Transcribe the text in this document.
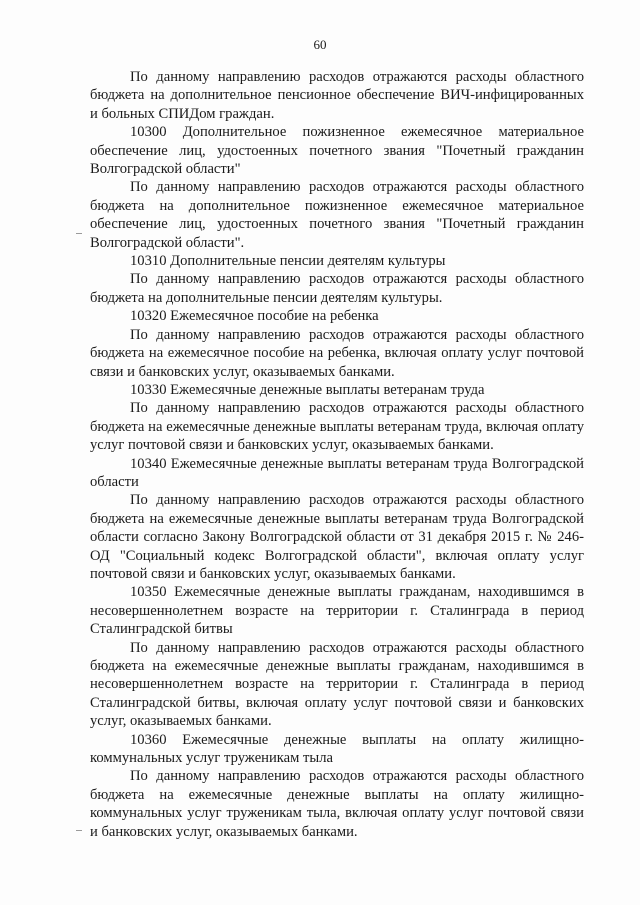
60

По данному направлению расходов отражаются расходы областного бюджета на дополнительное пенсионное обеспечение ВИЧ-инфицированных и больных СПИДом граждан.

10300 Дополнительное пожизненное ежемесячное материальное обеспечение лиц, удостоенных почетного звания "Почетный гражданин Волгоградской области"

По данному направлению расходов отражаются расходы областного бюджета на дополнительное пожизненное ежемесячное материальное обеспечение лиц, удостоенных почетного звания "Почетный гражданин Волгоградской области".

10310 Дополнительные пенсии деятелям культуры

По данному направлению расходов отражаются расходы областного бюджета на дополнительные пенсии деятелям культуры.

10320 Ежемесячное пособие на ребенка

По данному направлению расходов отражаются расходы областного бюджета на ежемесячное пособие на ребенка, включая оплату услуг почтовой связи и банковских услуг, оказываемых банками.

10330 Ежемесячные денежные выплаты ветеранам труда

По данному направлению расходов отражаются расходы областного бюджета на ежемесячные денежные выплаты ветеранам труда, включая оплату услуг почтовой связи и банковских услуг, оказываемых банками.

10340 Ежемесячные денежные выплаты ветеранам труда Волгоградской области

По данному направлению расходов отражаются расходы областного бюджета на ежемесячные денежные выплаты ветеранам труда Волгоградской области согласно Закону Волгоградской области от 31 декабря 2015 г. № 246-ОД "Социальный кодекс Волгоградской области", включая оплату услуг почтовой связи и банковских услуг, оказываемых банками.

10350 Ежемесячные денежные выплаты гражданам, находившимся в несовершеннолетнем возрасте на территории г. Сталинграда в период Сталинградской битвы

По данному направлению расходов отражаются расходы областного бюджета на ежемесячные денежные выплаты гражданам, находившимся в несовершеннолетнем возрасте на территории г. Сталинграда в период Сталинградской битвы, включая оплату услуг почтовой связи и банковских услуг, оказываемых банками.

10360 Ежемесячные денежные выплаты на оплату жилищно-коммунальных услуг труженикам тыла

По данному направлению расходов отражаются расходы областного бюджета на ежемесячные денежные выплаты на оплату жилищно-коммунальных услуг труженикам тыла, включая оплату услуг почтовой связи и банковских услуг, оказываемых банками.
